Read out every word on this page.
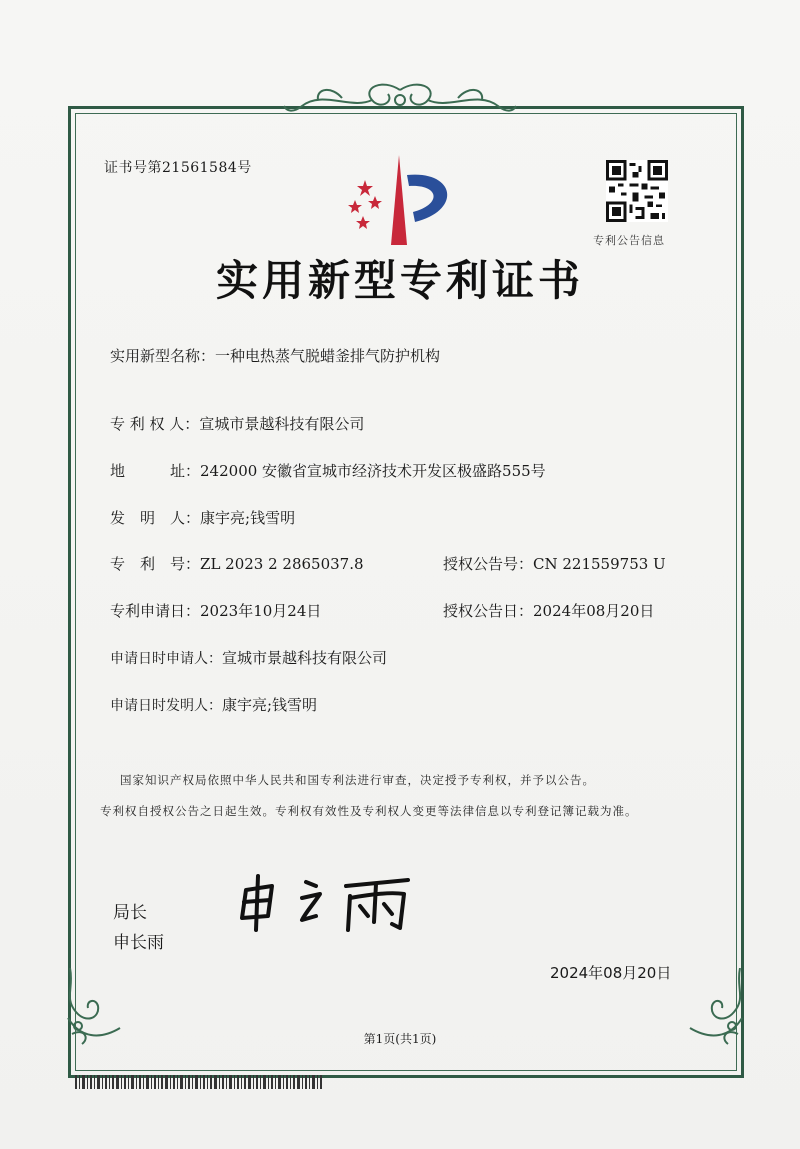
证书号第21561584号
专利公告信息
实用新型专利证书
实用新型名称：一种电热蒸气脱蜡釜排气防护机构
专 利 权 人：宣城市景越科技有限公司
地　　　址：242000 安徽省宣城市经济技术开发区极盛路555号
发　明　人：康宇亮;钱雪明
专　利　号：ZL 2023 2 2865037.8	授权公告号：CN 221559753 U
专利申请日：2023年10月24日	授权公告日：2024年08月20日
申请日时申请人：宣城市景越科技有限公司
申请日时发明人：康宇亮;钱雪明
国家知识产权局依照中华人民共和国专利法进行审查，决定授予专利权，并予以公告。
专利权自授权公告之日起生效。专利权有效性及专利权人变更等法律信息以专利登记簿记载为准。
局长
申长雨
2024年08月20日
第1页(共1页)
